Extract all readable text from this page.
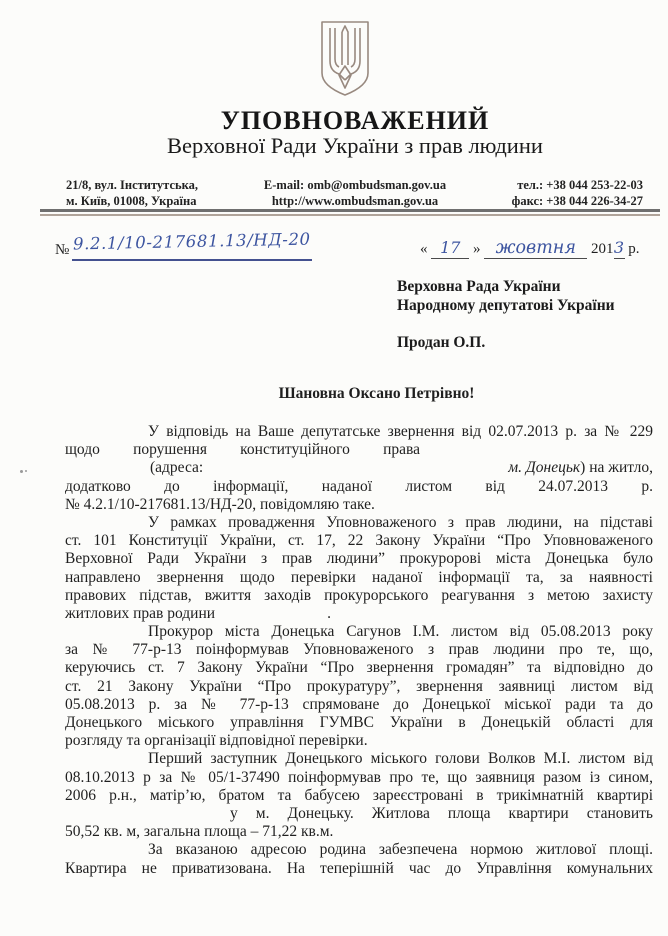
УПОВНОВАЖЕНИЙ
Верховної Ради України з прав людини
21/8, вул. Інститутська,
м. Київ, 01008, Україна
E-mail: omb@ombudsman.gov.ua
http://www.ombudsman.gov.ua
тел.: +38 044 253-22-03
факс: +38 044 226-34-27
№ 9.2.1/10-217681.13/НД-20	« 17 » жовтня 2013 р.
Верховна Рада України
Народному депутатові України
Продан О.П.
Шановна Оксано Петрівно!
У відповідь на Ваше депутатське звернення від 02.07.2013 р. за № 229
щодо порушення конституційного права
(адреса:	м. Донецьк) на житло,
додатково до інформації, наданої листом від 24.07.2013 р.
№ 4.2.1/10-217681.13/НД-20, повідомляю таке.
У рамках провадження Уповноваженого з прав людини, на підставі
ст. 101 Конституції України, ст. 17, 22 Закону України “Про Уповноваженого
Верховної Ради України з прав людини” прокуророві міста Донецька було
направлено звернення щодо перевірки наданої інформації та, за наявності
правових підстав, вжиття заходів прокурорського реагування з метою захисту
житлових прав родини	.
Прокурор міста Донецька Сагунов І.М. листом від 05.08.2013 року
за № 77-р-13 поінформував Уповноваженого з прав людини про те, що,
керуючись ст. 7 Закону України “Про звернення громадян” та відповідно до
ст. 21 Закону України “Про прокуратуру”, звернення заявниці листом від
05.08.2013 р. за № 77-р-13 спрямоване до Донецької міської ради та до
Донецького міського управління ГУМВС України в Донецькій області для
розгляду та організації відповідної перевірки.
Перший заступник Донецького міського голови Волков М.І. листом від
08.10.2013 р за № 05/1-37490 поінформував про те, що заявниця разом із сином,
2006 р.н., матір’ю, братом та бабусею зареєстровані в трикімнатній квартирі
у м. Донецьку. Житлова площа квартири становить
50,52 кв. м, загальна площа – 71,22 кв.м.
За вказаною адресою родина забезпечена нормою житлової площі.
Квартира не приватизована. На теперішній час до Управління комунальних
